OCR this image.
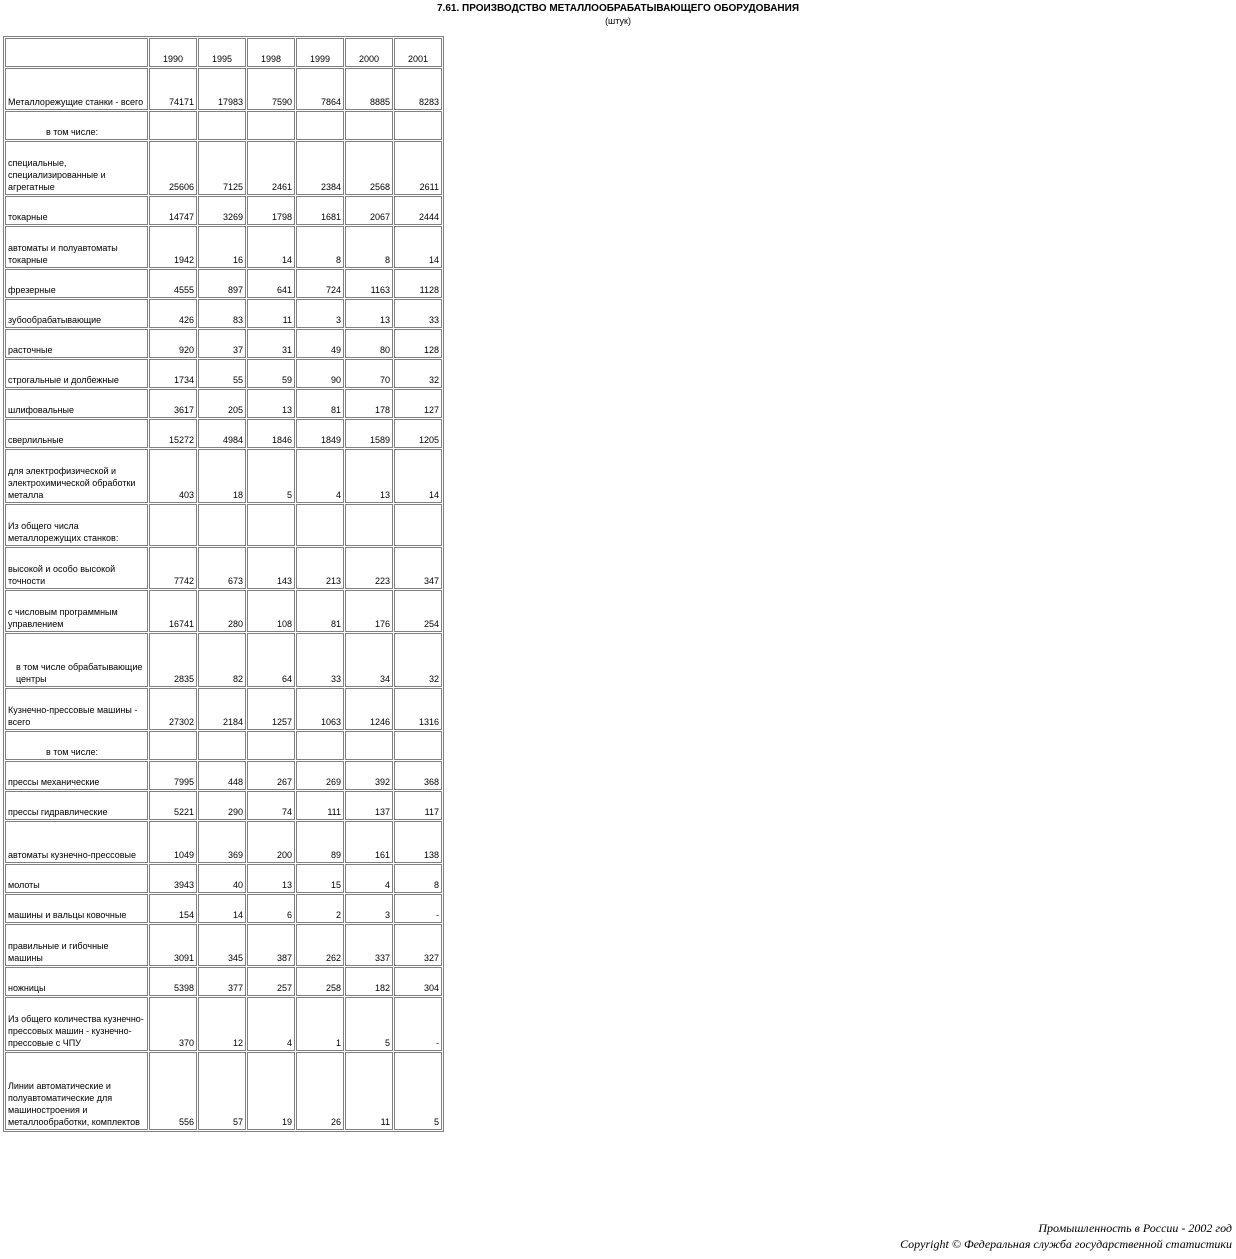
7.61. ПРОИЗВОДСТВО МЕТАЛЛООБРАБАТЫВАЮЩЕГО ОБОРУДОВАНИЯ
(штук)
	1990	1995	1998	1999	2000	2001
Металлорежущие станки - всего	74171	17983	7590	7864	8885	8283
в том числе:						
специальные, специализированные и агрегатные	25606	7125	2461	2384	2568	2611
токарные	14747	3269	1798	1681	2067	2444
автоматы и полуавтоматы токарные	1942	16	14	8	8	14
фрезерные	4555	897	641	724	1163	1128
зубообрабатывающие	426	83	11	3	13	33
расточные	920	37	31	49	80	128
строгальные и долбежные	1734	55	59	90	70	32
шлифовальные	3617	205	13	81	178	127
сверлильные	15272	4984	1846	1849	1589	1205
для электрофизической и электрохимической обработки металла	403	18	5	4	13	14
Из общего числа металлорежущих станков:						
высокой и особо высокой точности	7742	673	143	213	223	347
с числовым программным управлением	16741	280	108	81	176	254
в том числе обрабатывающие центры	2835	82	64	33	34	32
Кузнечно-прессовые машины - всего	27302	2184	1257	1063	1246	1316
в том числе:						
прессы механические	7995	448	267	269	392	368
прессы гидравлические	5221	290	74	111	137	117
автоматы кузнечно-прессовые	1049	369	200	89	161	138
молоты	3943	40	13	15	4	8
машины и вальцы ковочные	154	14	6	2	3	-
правильные и гибочные машины	3091	345	387	262	337	327
ножницы	5398	377	257	258	182	304
Из общего количества кузнечно-прессовых машин - кузнечно-прессовые с ЧПУ	370	12	4	1	5	-
Линии автоматические и полуавтоматические для машиностроения и металлообработки, комплектов	556	57	19	26	11	5
Промышленность в России - 2002 год
Copyright © Федеральная служба государственной статистики
